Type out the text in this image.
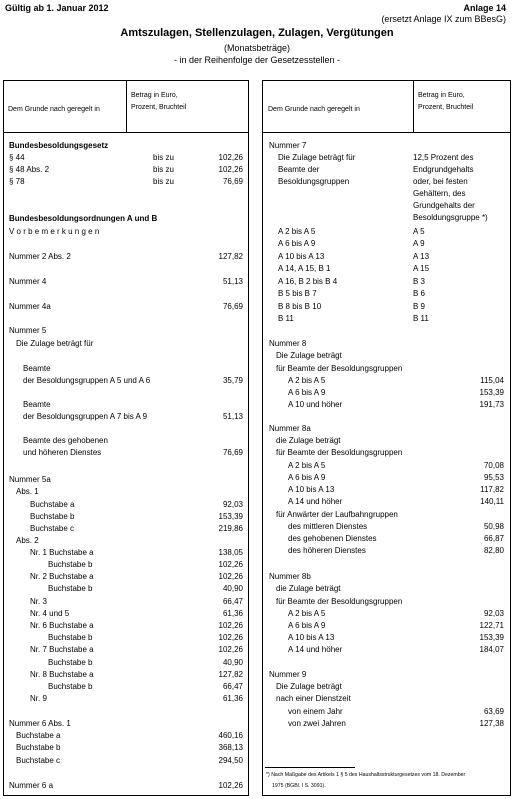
Gültig ab 1. Januar 2012	Anlage 14
(ersetzt Anlage IX zum BBesG)
Amtszulagen, Stellenzulagen, Zulagen, Vergütungen
(Monatsbeträge)
- in der Reihenfolge der Gesetzesstellen -
Dem Grunde nach geregelt in
Betrag in Euro,
Prozent, Bruchteil	Dem Grunde nach geregelt in
Betrag in Euro,
Prozent, Bruchteil
*) Nach Maßgabe des Artikels 1 § 5 des Haushaltsstrukturgesetzes vom 18. Dezember
1975 (BGBl. I S. 3091).
Bundesbesoldungsgesetz
§ 44	bis zu	102,26
§ 48 Abs. 2	bis zu	102,26
§ 78	bis zu	76,69
Bundesbesoldungsordnungen A und B
V o r b e m e r k u n g e n
Nummer 2 Abs. 2	127,82
Nummer 4	51,13
Nummer 4a	76,69
Nummer 5
Die Zulage beträgt für
Beamte
der Besoldungsgruppen A 5 und A 6	35,79
Beamte
der Besoldungsgruppen A 7 bis A 9	51,13
Beamte des gehobenen
und höheren Dienstes	76,69
Nummer 5a
Abs. 1
Buchstabe a	92,03
Buchstabe b	153,39
Buchstabe c	219,86
Abs. 2
Nr. 1 Buchstabe a	138,05
Buchstabe b	102,26
Nr. 2 Buchstabe a	102,26
Buchstabe b	40,90
Nr. 3	66,47
Nr. 4 und 5	61,36
Nr. 6 Buchstabe a	102,26
Buchstabe b	102,26
Nr. 7 Buchstabe a	102,26
Buchstabe b	40,90
Nr. 8 Buchstabe a	127,82
Buchstabe b	66,47
Nr. 9	61,36
Nummer 6 Abs. 1
Buchstabe a	460,16
Buchstabe b	368,13
Buchstabe c	294,50
Nummer 6 a	102,26
Nummer 7
Die Zulage beträgt für	12,5 Prozent des
Beamte der	Endgrundgehalts
Besoldungsgruppen	oder, bei festen
Gehältern, des
Grundgehalts der
Besoldungsgruppe *)
A 2 bis A 5	A 5
A 6 bis A 9	A 9
A 10 bis A 13	A 13
A 14, A 15, B 1	A 15
A 16, B 2 bis B 4	B 3
B 5 bis B 7	B 6
B 8 bis B 10	B 9
B 11	B 11
Nummer 8
Die Zulage beträgt
für Beamte der Besoldungsgruppen
A 2 bis A 5	115,04
A 6 bis A 9	153,39
A 10 und höher	191,73
Nummer 8a
die Zulage beträgt
für Beamte der Besoldungsgruppen
A 2 bis A 5	70,08
A 6 bis A 9	95,53
A 10 bis A 13	117,82
A 14 und höher	140,11
für Anwärter der Laufbahngruppen
des mittleren Dienstes	50,98
des gehobenen Dienstes	66,87
des höheren Dienstes	82,80
Nummer 8b
die Zulage beträgt
für Beamte der Besoldungsgruppen
A 2 bis A 5	92,03
A 6 bis A 9	122,71
A 10 bis A 13	153,39
A 14 und höher	184,07
Nummer 9
Die Zulage beträgt
nach einer Dienstzeit
von einem Jahr	63,69
von zwei Jahren	127,38
